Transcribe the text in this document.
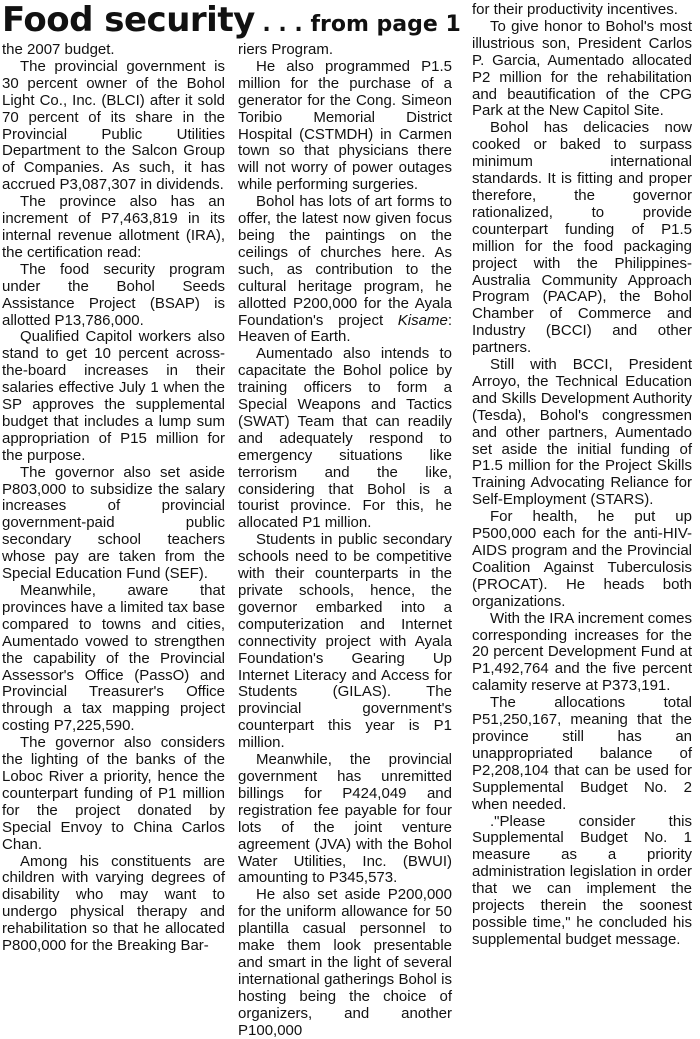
Food security . . . from page 1

the 2007 budget.

The provincial government is 30 percent owner of the Bohol Light Co., Inc. (BLCI) after it sold 70 percent of its share in the Provincial Public Utilities Department to the Salcon Group of Companies. As such, it has accrued P3,087,307 in dividends.

The province also has an increment of P7,463,819 in its internal revenue allotment (IRA), the certification read:

The food security program under the Bohol Seeds Assistance Project (BSAP) is allotted P13,786,000.

Qualified Capitol workers also stand to get 10 percent across-the-board increases in their salaries effective July 1 when the SP approves the supplemental budget that includes a lump sum appropriation of P15 million for the purpose.

The governor also set aside P803,000 to subsidize the salary increases of provincial government-paid public secondary school teachers whose pay are taken from the Special Education Fund (SEF).

Meanwhile, aware that provinces have a limited tax base compared to towns and cities, Aumentado vowed to strengthen the capability of the Provincial Assessor's Office (PassO) and Provincial Treasurer's Office through a tax mapping project costing P7,225,590.

The governor also considers the lighting of the banks of the Loboc River a priority, hence the counterpart funding of P1 million for the project donated by Special Envoy to China Carlos Chan.

Among his constituents are children with varying degrees of disability who may want to undergo physical therapy and rehabilitation so that he allocated P800,000 for the Breaking Bar-

riers Program.

He also programmed P1.5 million for the purchase of a generator for the Cong. Simeon Toribio Memorial District Hospital (CSTMDH) in Carmen town so that physicians there will not worry of power outages while performing surgeries.

Bohol has lots of art forms to offer, the latest now given focus being the paintings on the ceilings of churches here. As such, as contribution to the cultural heritage program, he allotted P200,000 for the Ayala Foundation's project Kisame: Heaven of Earth.

Aumentado also intends to capacitate the Bohol police by training officers to form a Special Weapons and Tactics (SWAT) Team that can readily and adequately respond to emergency situations like terrorism and the like, considering that Bohol is a tourist province. For this, he allocated P1 million.

Students in public secondary schools need to be competitive with their counterparts in the private schools, hence, the governor embarked into a computerization and Internet connectivity project with Ayala Foundation's Gearing Up Internet Literacy and Access for Students (GILAS). The provincial government's counterpart this year is P1 million.

Meanwhile, the provincial government has unremitted billings for P424,049 and registration fee payable for four lots of the joint venture agreement (JVA) with the Bohol Water Utilities, Inc. (BWUI) amounting to P345,573.

He also set aside P200,000 for the uniform allowance for 50 plantilla casual personnel to make them look presentable and smart in the light of several international gatherings Bohol is hosting being the choice of organizers, and another P100,000

for their productivity incentives.

To give honor to Bohol's most illustrious son, President Carlos P. Garcia, Aumentado allocated P2 million for the rehabilitation and beautification of the CPG Park at the New Capitol Site.

Bohol has delicacies now cooked or baked to surpass minimum international standards. It is fitting and proper therefore, the governor rationalized, to provide counterpart funding of P1.5 million for the food packaging project with the Philippines-Australia Community Approach Program (PACAP), the Bohol Chamber of Commerce and Industry (BCCI) and other partners.

Still with BCCI, President Arroyo, the Technical Education and Skills Development Authority (Tesda), Bohol's congressmen and other partners, Aumentado set aside the initial funding of P1.5 million for the Project Skills Training Advocating Reliance for Self-Employment (STARS).

For health, he put up P500,000 each for the anti-HIV-AIDS program and the Provincial Coalition Against Tuberculosis (PROCAT). He heads both organizations.

With the IRA increment comes corresponding increases for the 20 percent Development Fund at P1,492,764 and the five percent calamity reserve at P373,191.

The allocations total P51,250,167, meaning that the province still has an unappropriated balance of P2,208,104 that can be used for Supplemental Budget No. 2 when needed.

."Please consider this Supplemental Budget No. 1 measure as a priority administration legislation in order that we can implement the projects therein the soonest possible time," he concluded his supplemental budget message.
